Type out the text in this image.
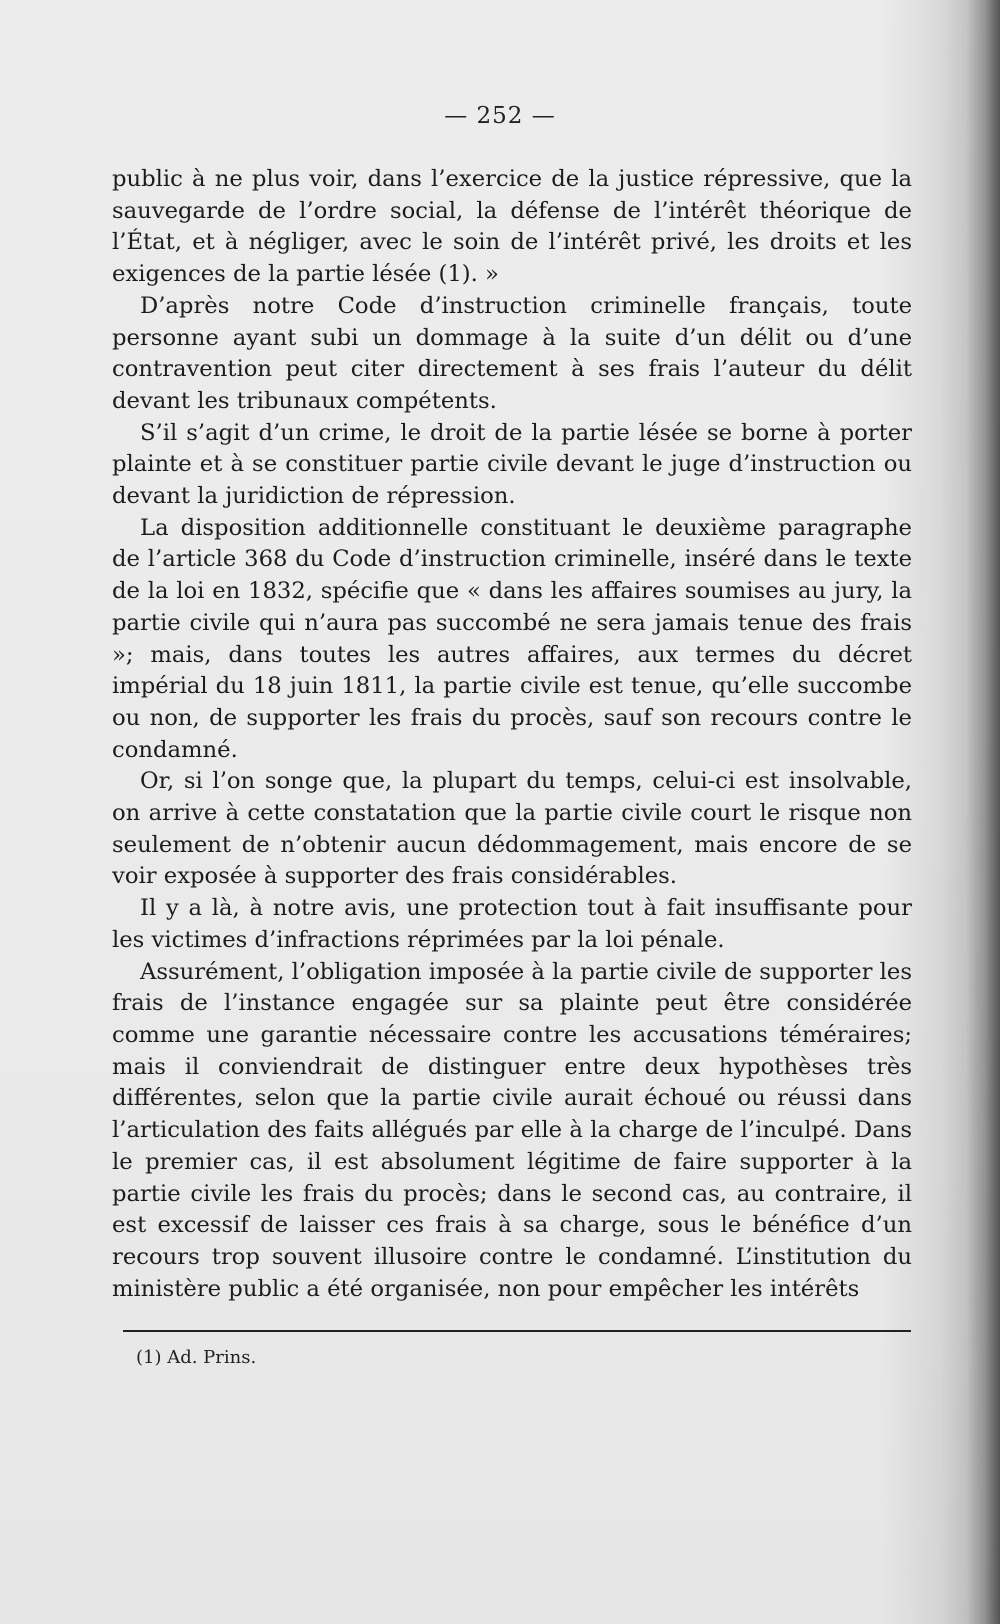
— 252 —

public à ne plus voir, dans l’exercice de la justice répressive, que la sauvegarde de l’ordre social, la défense de l’intérêt théorique de l’État, et à négliger, avec le soin de l’intérêt privé, les droits et les exigences de la partie lésée (1). »

D’après notre Code d’instruction criminelle français, toute personne ayant subi un dommage à la suite d’un délit ou d’une contravention peut citer directement à ses frais l’auteur du délit devant les tribunaux compétents.

S’il s’agit d’un crime, le droit de la partie lésée se borne à porter plainte et à se constituer partie civile devant le juge d’instruction ou devant la juridiction de répression.

La disposition additionnelle constituant le deuxième paragraphe de l’article 368 du Code d’instruction criminelle, inséré dans le texte de la loi en 1832, spécifie que « dans les affaires soumises au jury, la partie civile qui n’aura pas succombé ne sera jamais tenue des frais »; mais, dans toutes les autres affaires, aux termes du décret impérial du 18 juin 1811, la partie civile est tenue, qu’elle succombe ou non, de supporter les frais du procès, sauf son recours contre le condamné.

Or, si l’on songe que, la plupart du temps, celui-ci est insolvable, on arrive à cette constatation que la partie civile court le risque non seulement de n’obtenir aucun dédommagement, mais encore de se voir exposée à supporter des frais considérables.

Il y a là, à notre avis, une protection tout à fait insuffisante pour les victimes d’infractions réprimées par la loi pénale.

Assurément, l’obligation imposée à la partie civile de supporter les frais de l’instance engagée sur sa plainte peut être considérée comme une garantie nécessaire contre les accusations téméraires; mais il conviendrait de distinguer entre deux hypothèses très différentes, selon que la partie civile aurait échoué ou réussi dans l’articulation des faits allégués par elle à la charge de l’inculpé. Dans le premier cas, il est absolument légitime de faire supporter à la partie civile les frais du procès; dans le second cas, au contraire, il est excessif de laisser ces frais à sa charge, sous le bénéfice d’un recours trop souvent illusoire contre le condamné. L’institution du ministère public a été organisée, non pour empêcher les intérêts

(1) Ad. Prins.
